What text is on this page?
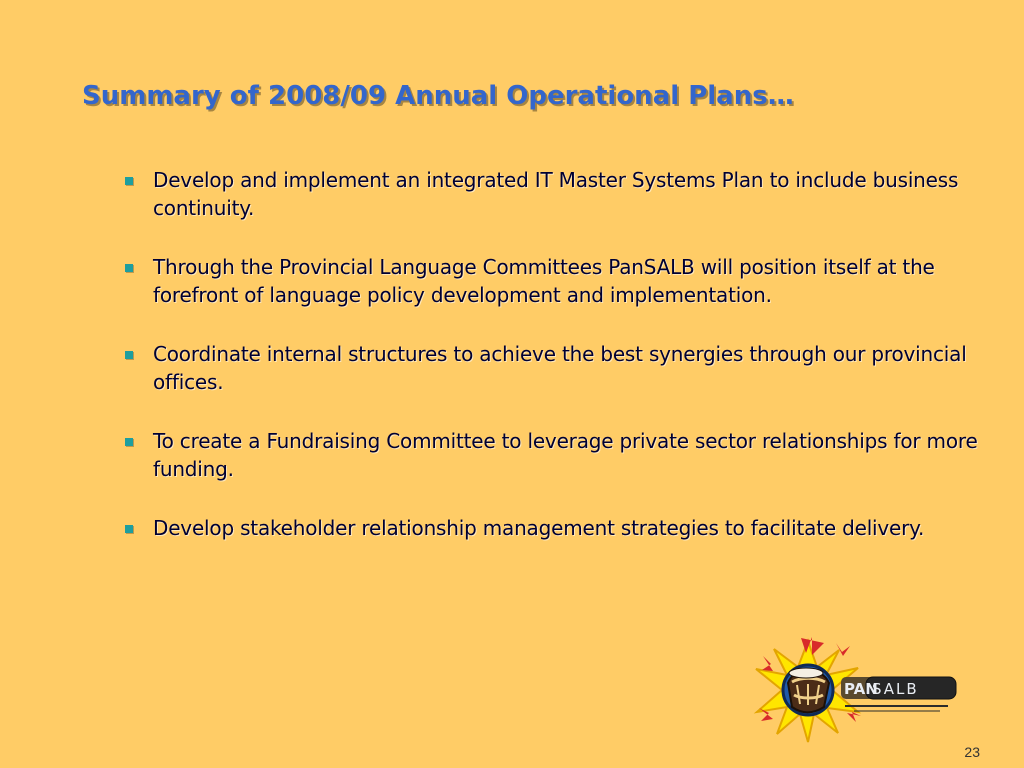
Summary of 2008/09 Annual Operational Plans…
Develop and implement an integrated IT Master Systems Plan to include business continuity.
Through the Provincial Language Committees PanSALB will position itself at the forefront of language policy development and implementation.
Coordinate internal structures to achieve the best synergies through our provincial offices.
To create a Fundraising Committee to leverage private sector relationships for more funding.
Develop stakeholder relationship management strategies to facilitate delivery.
PAN
SALB
23
